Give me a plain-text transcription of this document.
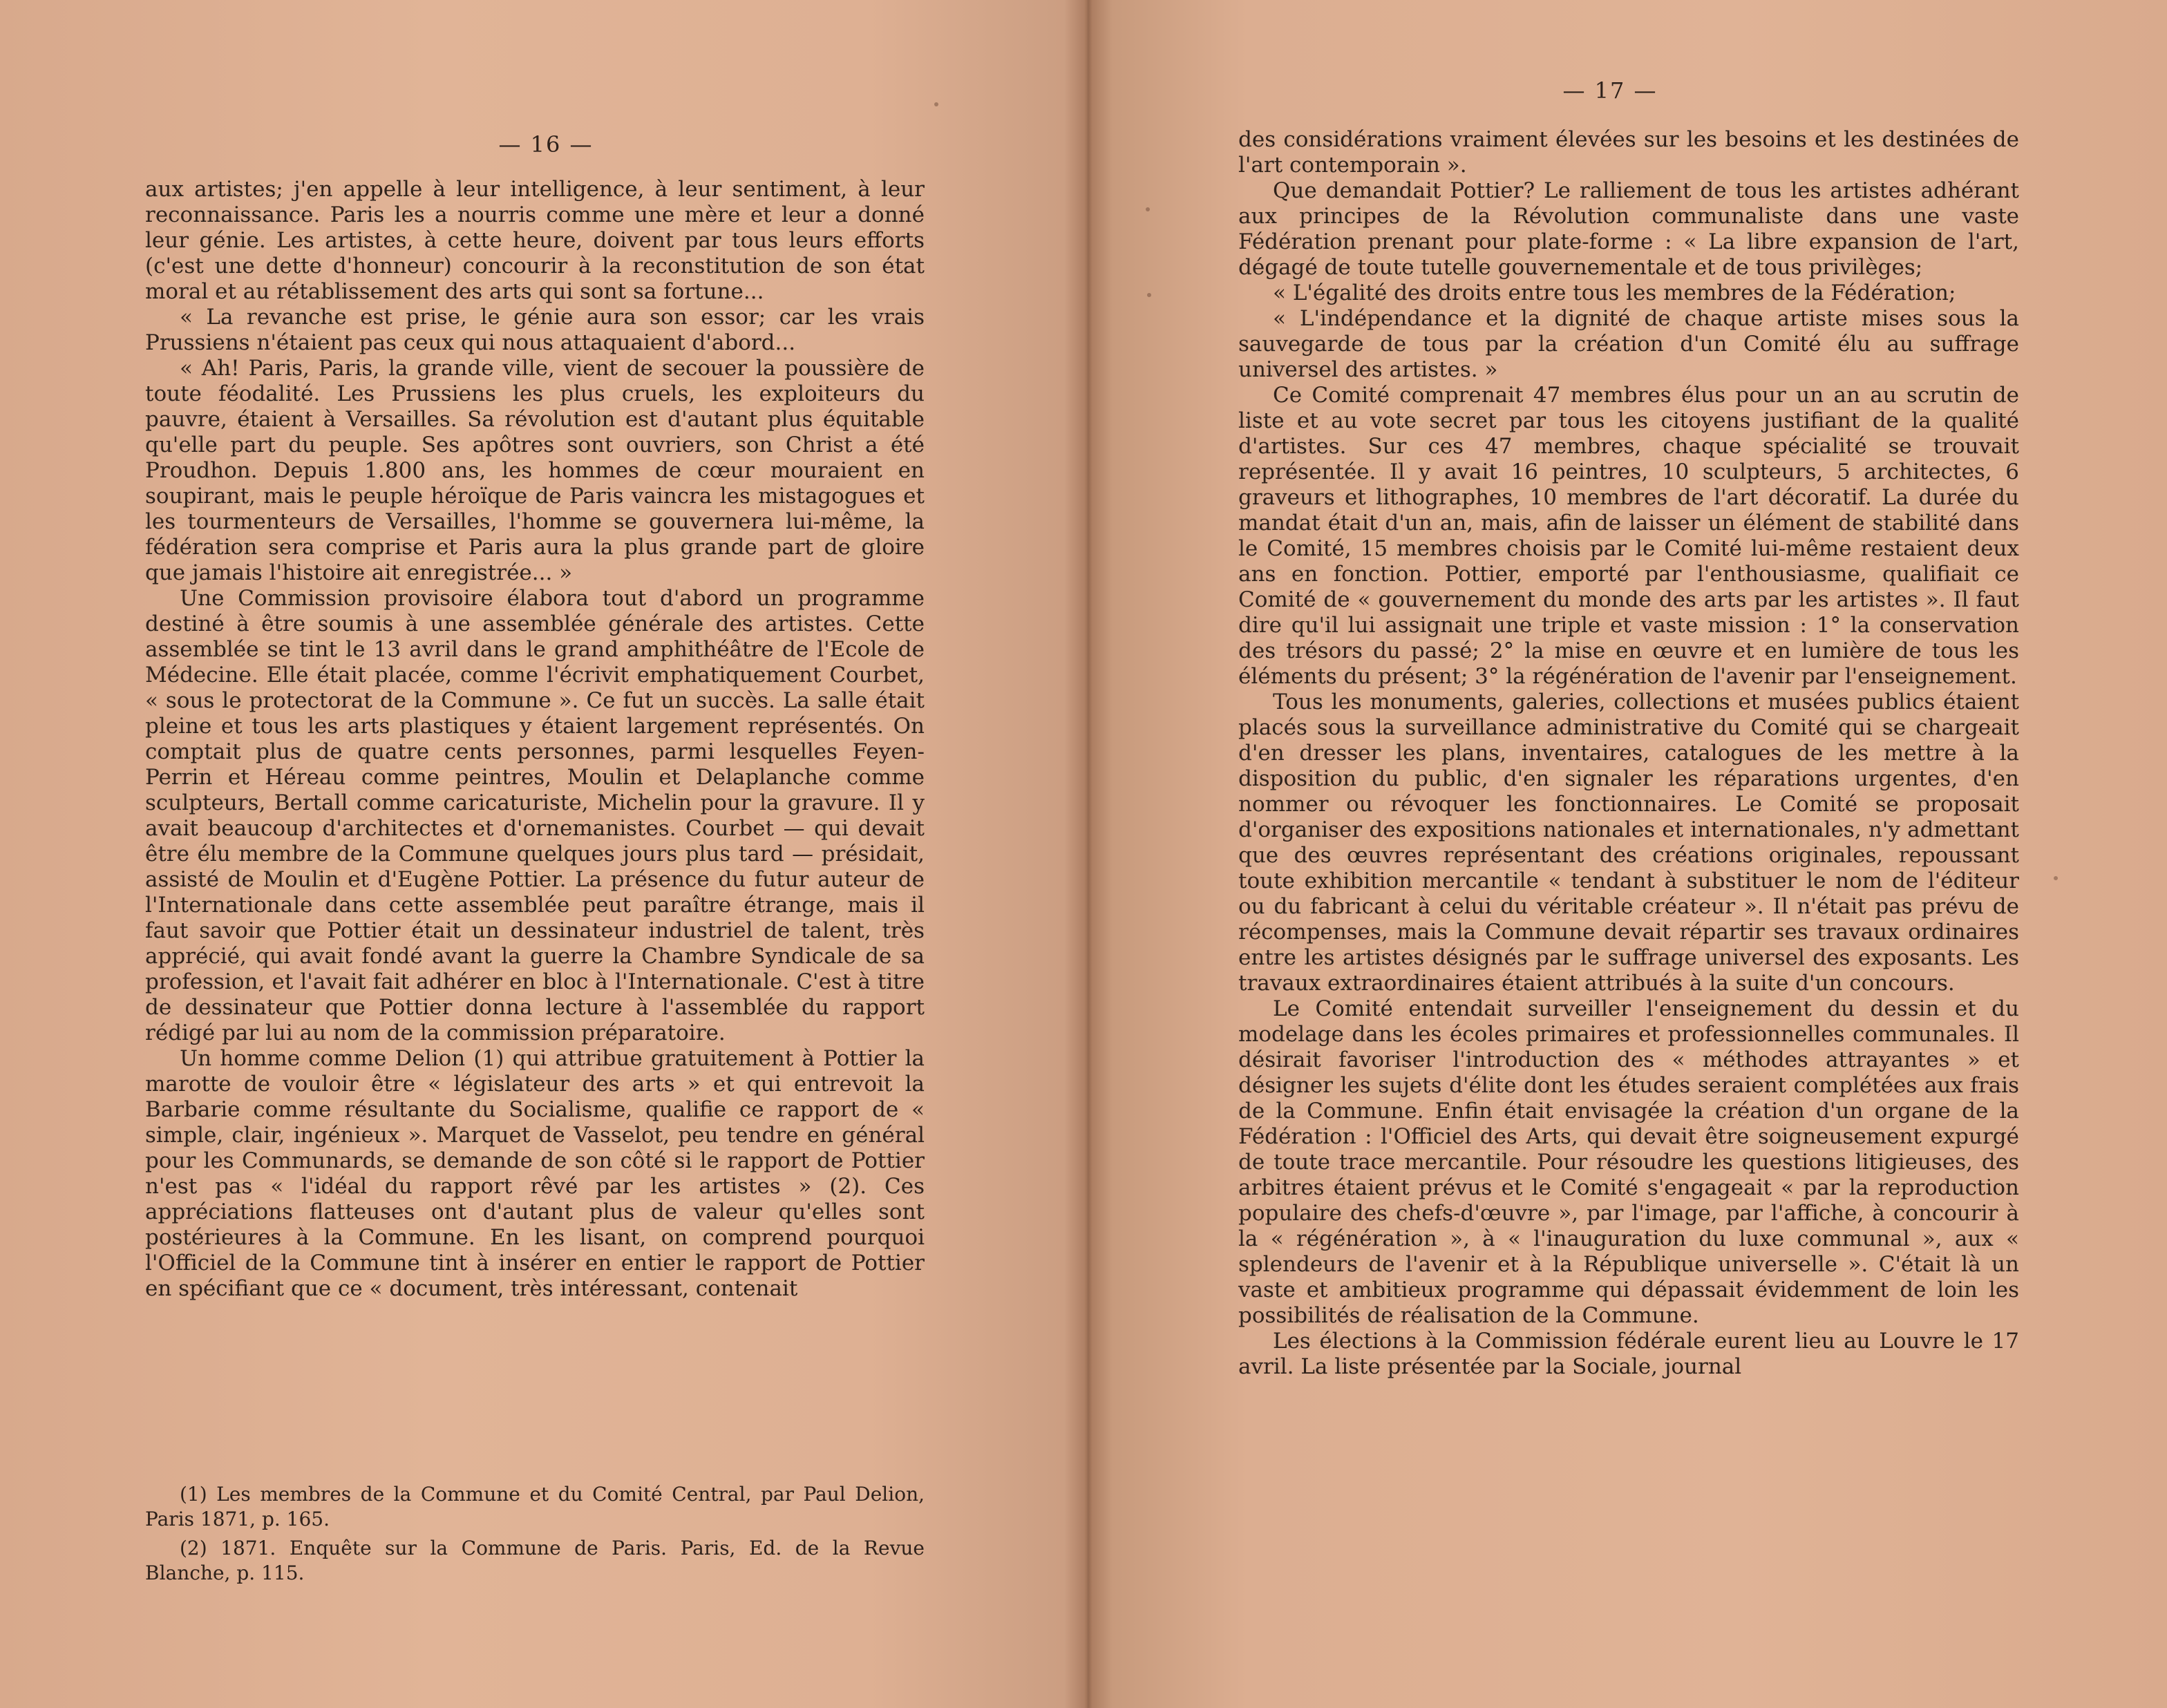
— 16 —

aux artistes; j'en appelle à leur intelligence, à leur sentiment, à leur reconnaissance. Paris les a nourris comme une mère et leur a donné leur génie. Les artistes, à cette heure, doivent par tous leurs efforts (c'est une dette d'honneur) concourir à la reconstitution de son état moral et au rétablissement des arts qui sont sa fortune...

« La revanche est prise, le génie aura son essor; car les vrais Prussiens n'étaient pas ceux qui nous attaquaient d'abord...

« Ah! Paris, Paris, la grande ville, vient de secouer la poussière de toute féodalité. Les Prussiens les plus cruels, les exploiteurs du pauvre, étaient à Versailles. Sa révolution est d'autant plus équitable qu'elle part du peuple. Ses apôtres sont ouvriers, son Christ a été Proudhon. Depuis 1.800 ans, les hommes de cœur mouraient en soupirant, mais le peuple héroïque de Paris vaincra les mistagogues et les tourmenteurs de Versailles, l'homme se gouvernera lui-même, la fédération sera comprise et Paris aura la plus grande part de gloire que jamais l'histoire ait enregistrée... »

Une Commission provisoire élabora tout d'abord un programme destiné à être soumis à une assemblée générale des artistes. Cette assemblée se tint le 13 avril dans le grand amphithéâtre de l'Ecole de Médecine. Elle était placée, comme l'écrivit emphatiquement Courbet, « sous le protectorat de la Commune ». Ce fut un succès. La salle était pleine et tous les arts plastiques y étaient largement représentés. On comptait plus de quatre cents personnes, parmi lesquelles Feyen-Perrin et Héreau comme peintres, Moulin et Delaplanche comme sculpteurs, Bertall comme caricaturiste, Michelin pour la gravure. Il y avait beaucoup d'architectes et d'ornemanistes. Courbet — qui devait être élu membre de la Commune quelques jours plus tard — présidait, assisté de Moulin et d'Eugène Pottier. La présence du futur auteur de l'Internationale dans cette assemblée peut paraître étrange, mais il faut savoir que Pottier était un dessinateur industriel de talent, très apprécié, qui avait fondé avant la guerre la Chambre Syndicale de sa profession, et l'avait fait adhérer en bloc à l'Internationale. C'est à titre de dessinateur que Pottier donna lecture à l'assemblée du rapport rédigé par lui au nom de la commission préparatoire.

Un homme comme Delion (1) qui attribue gratuitement à Pottier la marotte de vouloir être « législateur des arts » et qui entrevoit la Barbarie comme résultante du Socialisme, qualifie ce rapport de « simple, clair, ingénieux ». Marquet de Vasselot, peu tendre en général pour les Communards, se demande de son côté si le rapport de Pottier n'est pas « l'idéal du rapport rêvé par les artistes » (2). Ces appréciations flatteuses ont d'autant plus de valeur qu'elles sont postérieures à la Commune. En les lisant, on comprend pourquoi l'Officiel de la Commune tint à insérer en entier le rapport de Pottier en spécifiant que ce « document, très intéressant, contenait

(1) Les membres de la Commune et du Comité Central, par Paul Delion, Paris 1871, p. 165.

(2) 1871. Enquête sur la Commune de Paris. Paris, Ed. de la Revue Blanche, p. 115.

— 17 —

des considérations vraiment élevées sur les besoins et les destinées de l'art contemporain ».

Que demandait Pottier? Le ralliement de tous les artistes adhérant aux principes de la Révolution communaliste dans une vaste Fédération prenant pour plate-forme : « La libre expansion de l'art, dégagé de toute tutelle gouvernementale et de tous privilèges;

« L'égalité des droits entre tous les membres de la Fédération;

« L'indépendance et la dignité de chaque artiste mises sous la sauvegarde de tous par la création d'un Comité élu au suffrage universel des artistes. »

Ce Comité comprenait 47 membres élus pour un an au scrutin de liste et au vote secret par tous les citoyens justifiant de la qualité d'artistes. Sur ces 47 membres, chaque spécialité se trouvait représentée. Il y avait 16 peintres, 10 sculpteurs, 5 architectes, 6 graveurs et lithographes, 10 membres de l'art décoratif. La durée du mandat était d'un an, mais, afin de laisser un élément de stabilité dans le Comité, 15 membres choisis par le Comité lui-même restaient deux ans en fonction. Pottier, emporté par l'enthousiasme, qualifiait ce Comité de « gouvernement du monde des arts par les artistes ». Il faut dire qu'il lui assignait une triple et vaste mission : 1° la conservation des trésors du passé; 2° la mise en œuvre et en lumière de tous les éléments du présent; 3° la régénération de l'avenir par l'enseignement.

Tous les monuments, galeries, collections et musées publics étaient placés sous la surveillance administrative du Comité qui se chargeait d'en dresser les plans, inventaires, catalogues de les mettre à la disposition du public, d'en signaler les réparations urgentes, d'en nommer ou révoquer les fonctionnaires. Le Comité se proposait d'organiser des expositions nationales et internationales, n'y admettant que des œuvres représentant des créations originales, repoussant toute exhibition mercantile « tendant à substituer le nom de l'éditeur ou du fabricant à celui du véritable créateur ». Il n'était pas prévu de récompenses, mais la Commune devait répartir ses travaux ordinaires entre les artistes désignés par le suffrage universel des exposants. Les travaux extraordinaires étaient attribués à la suite d'un concours.

Le Comité entendait surveiller l'enseignement du dessin et du modelage dans les écoles primaires et professionnelles communales. Il désirait favoriser l'introduction des « méthodes attrayantes » et désigner les sujets d'élite dont les études seraient complétées aux frais de la Commune. Enfin était envisagée la création d'un organe de la Fédération : l'Officiel des Arts, qui devait être soigneusement expurgé de toute trace mercantile. Pour résoudre les questions litigieuses, des arbitres étaient prévus et le Comité s'engageait « par la reproduction populaire des chefs-d'œuvre », par l'image, par l'affiche, à concourir à la « régénération », à « l'inauguration du luxe communal », aux « splendeurs de l'avenir et à la République universelle ». C'était là un vaste et ambitieux programme qui dépassait évidemment de loin les possibilités de réalisation de la Commune.

Les élections à la Commission fédérale eurent lieu au Louvre le 17 avril. La liste présentée par la Sociale, journal
